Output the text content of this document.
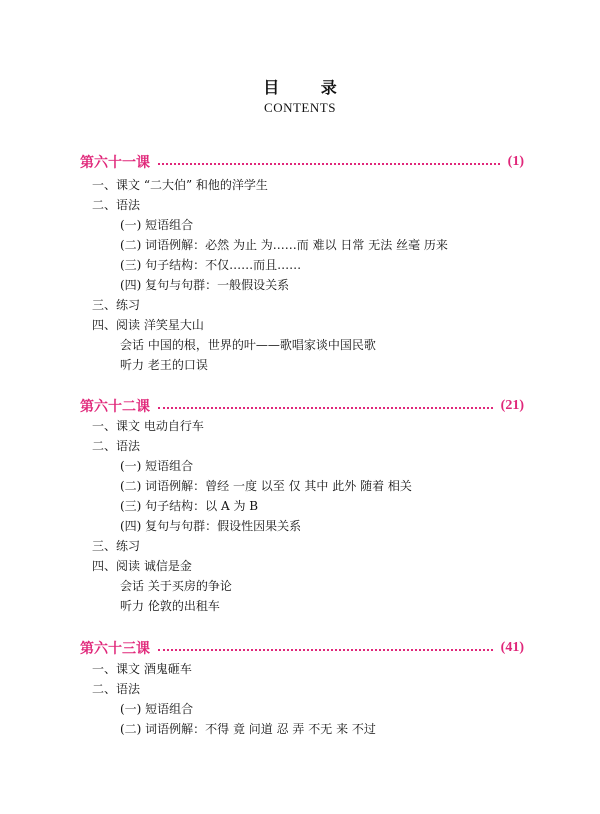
目 录
CONTENTS
第六十一课	(1)
一、课文 “二大伯” 和他的洋学生
二、语法
(一) 短语组合
(二) 词语例解：必然 为止 为……而 难以 日常 无法 丝毫 历来
(三) 句子结构：不仅……而且……
(四) 复句与句群：一般假设关系
三、练习
四、阅读 洋笑星大山
会话 中国的根，世界的叶——歌唱家谈中国民歌
听力 老王的口误
第六十二课	(21)
一、课文 电动自行车
二、语法
(一) 短语组合
(二) 词语例解：曾经 一度 以至 仅 其中 此外 随着 相关
(三) 句子结构：以 A 为 B
(四) 复句与句群：假设性因果关系
三、练习
四、阅读 诚信是金
会话 关于买房的争论
听力 伦敦的出租车
第六十三课	(41)
一、课文 酒鬼砸车
二、语法
(一) 短语组合
(二) 词语例解：不得 竟 问道 忍 弄 不无 来 不过
